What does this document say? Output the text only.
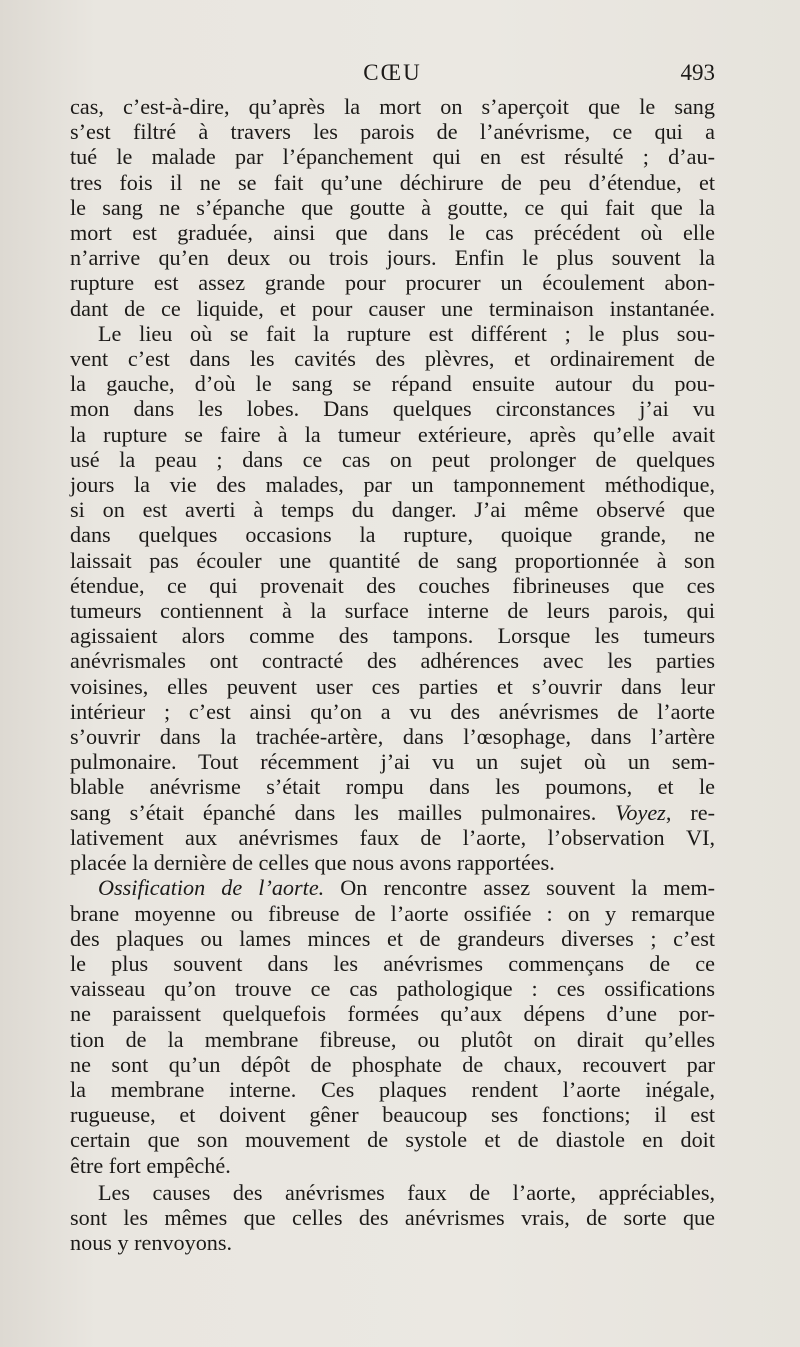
CŒU	493
cas, c’est-à-dire, qu’après la mort on s’aperçoit que le sang
s’est filtré à travers les parois de l’anévrisme, ce qui a
tué le malade par l’épanchement qui en est résulté ; d’au-
tres fois il ne se fait qu’une déchirure de peu d’étendue, et
le sang ne s’épanche que goutte à goutte, ce qui fait que la
mort est graduée, ainsi que dans le cas précédent où elle
n’arrive qu’en deux ou trois jours. Enfin le plus souvent la
rupture est assez grande pour procurer un écoulement abon-
dant de ce liquide, et pour causer une terminaison instantanée.
Le lieu où se fait la rupture est différent ; le plus sou-
vent c’est dans les cavités des plèvres, et ordinairement de
la gauche, d’où le sang se répand ensuite autour du pou-
mon dans les lobes. Dans quelques circonstances j’ai vu
la rupture se faire à la tumeur extérieure, après qu’elle avait
usé la peau ; dans ce cas on peut prolonger de quelques
jours la vie des malades, par un tamponnement méthodique,
si on est averti à temps du danger. J’ai même observé que
dans quelques occasions la rupture, quoique grande, ne
laissait pas écouler une quantité de sang proportionnée à son
étendue, ce qui provenait des couches fibrineuses que ces
tumeurs contiennent à la surface interne de leurs parois, qui
agissaient alors comme des tampons. Lorsque les tumeurs
anévrismales ont contracté des adhérences avec les parties
voisines, elles peuvent user ces parties et s’ouvrir dans leur
intérieur ; c’est ainsi qu’on a vu des anévrismes de l’aorte
s’ouvrir dans la trachée-artère, dans l’œsophage, dans l’artère
pulmonaire. Tout récemment j’ai vu un sujet où un sem-
blable anévrisme s’était rompu dans les poumons, et le
sang s’était épanché dans les mailles pulmonaires. Voyez, re-
lativement aux anévrismes faux de l’aorte, l’observation VI,
placée la dernière de celles que nous avons rapportées.
Ossification de l’aorte. On rencontre assez souvent la mem-
brane moyenne ou fibreuse de l’aorte ossifiée : on y remarque
des plaques ou lames minces et de grandeurs diverses ; c’est
le plus souvent dans les anévrismes commençans de ce
vaisseau qu’on trouve ce cas pathologique : ces ossifications
ne paraissent quelquefois formées qu’aux dépens d’une por-
tion de la membrane fibreuse, ou plutôt on dirait qu’elles
ne sont qu’un dépôt de phosphate de chaux, recouvert par
la membrane interne. Ces plaques rendent l’aorte inégale,
rugueuse, et doivent gêner beaucoup ses fonctions; il est
certain que son mouvement de systole et de diastole en doit
être fort empêché.
Les causes des anévrismes faux de l’aorte, appréciables,
sont les mêmes que celles des anévrismes vrais, de sorte que
nous y renvoyons.
